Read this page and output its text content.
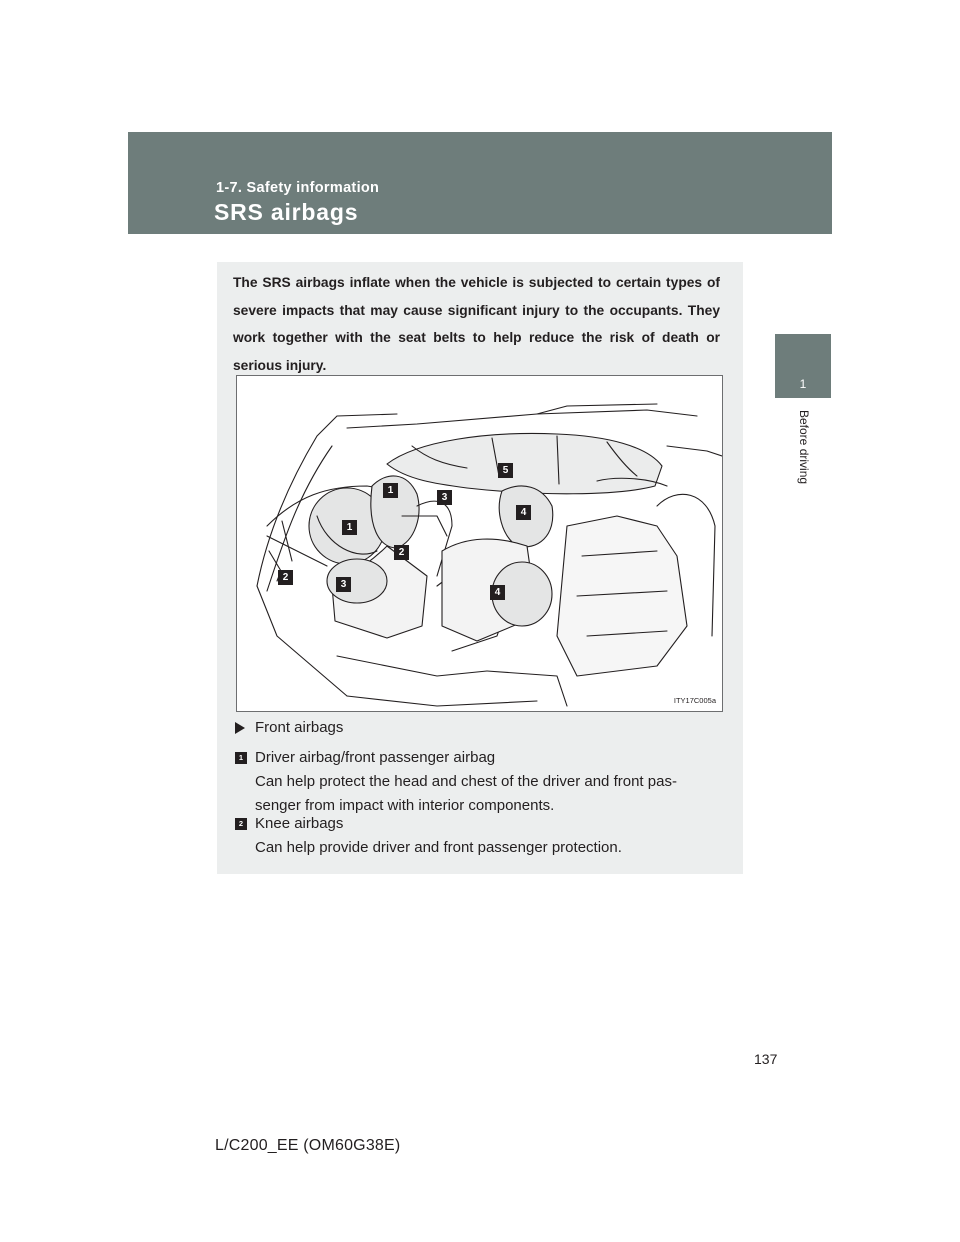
1-7. Safety information
SRS airbags
1
Before driving

The SRS airbags inflate when the vehicle is subjected to certain types of severe impacts that may cause significant injury to the occupants. They work together with the seat belts to help reduce the risk of death or serious injury.

1
1
2
2
3
3
4
4
5
ITY17C005a
Front airbags
1 Driver airbag/front passenger airbag
Can help protect the head and chest of the driver and front pas-
senger from impact with interior components.
2 Knee airbags
Can help provide driver and front passenger protection.
137
L/C200_EE (OM60G38E)
